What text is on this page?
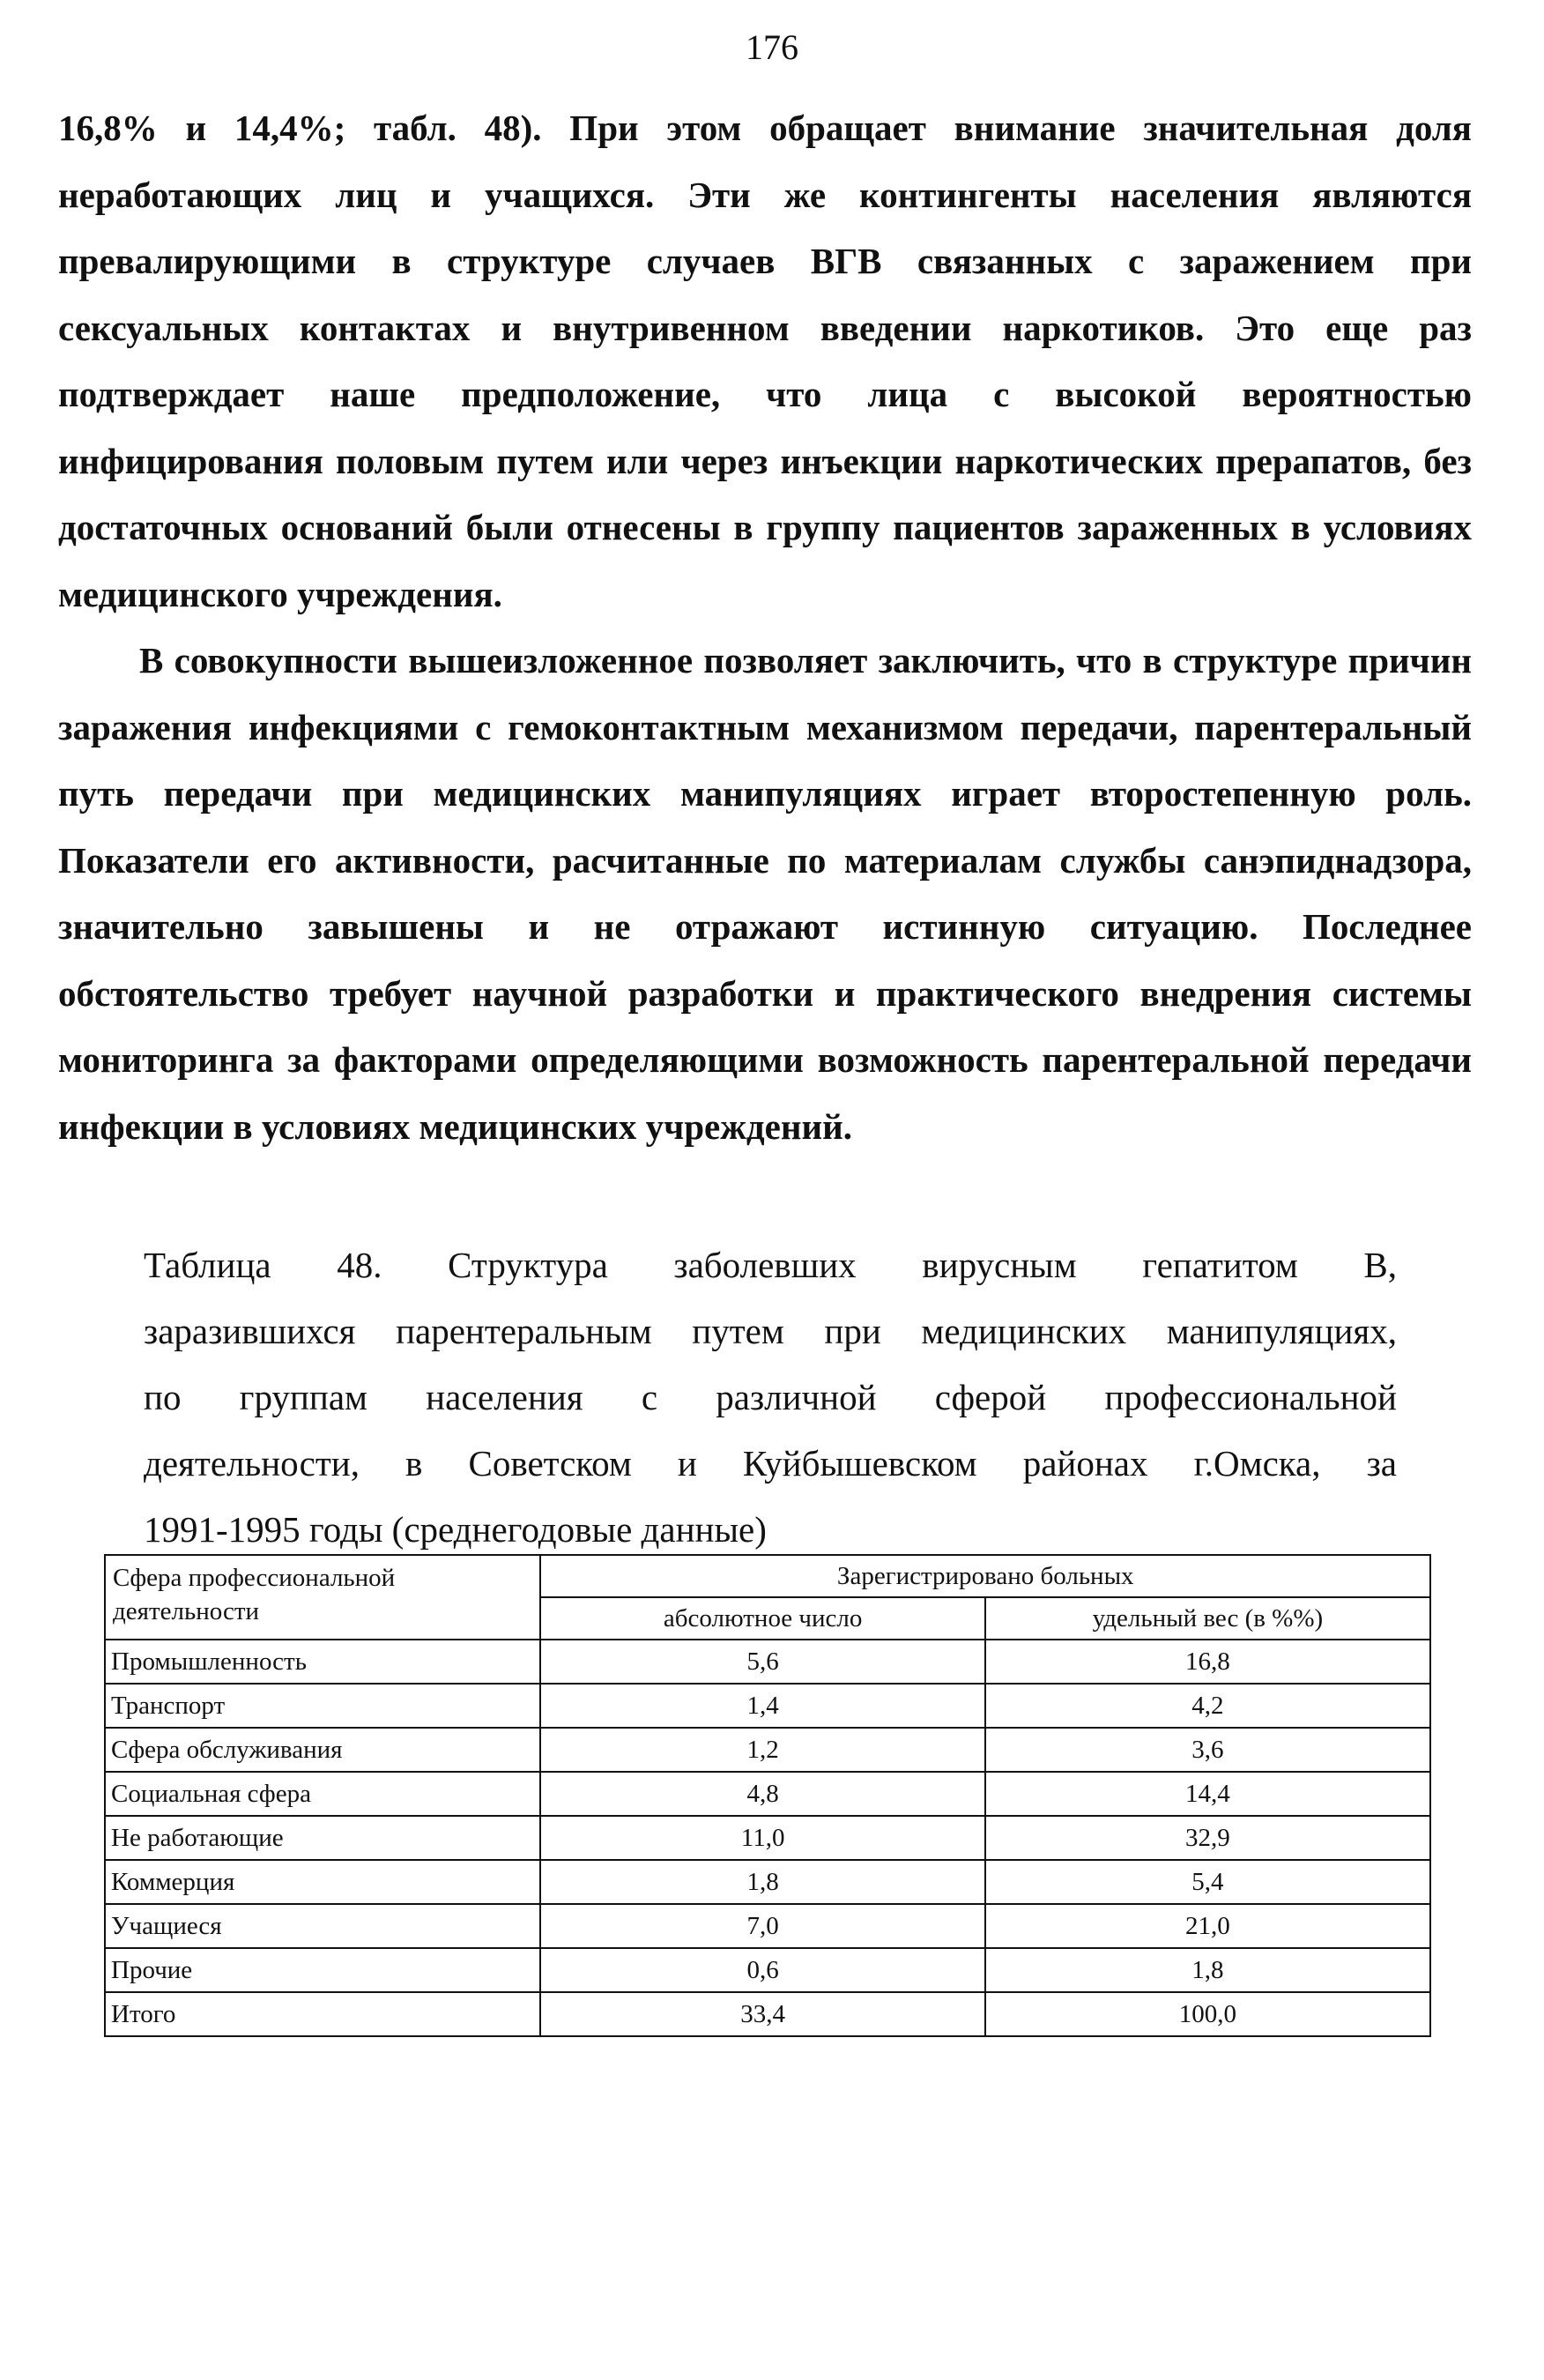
176

16,8% и 14,4%; табл. 48). При этом обращает внимание значительная доля неработающих лиц и учащихся. Эти же контингенты населения являются превалирующими в структуре случаев ВГВ связанных с заражением при сексуальных контактах и внутривенном введении наркотиков. Это еще раз подтверждает наше предположение, что лица с высокой вероятностью инфицирования половым путем или через инъекции наркотических прерапатов, без достаточных оснований были отнесены в группу пациентов зараженных в условиях медицинского учреждения.

В совокупности вышеизложенное позволяет заключить, что в структуре причин заражения инфекциями с гемоконтактным механизмом передачи, парентеральный путь передачи при медицинских манипуляциях играет второстепенную роль. Показатели его активности, расчитанные по материалам службы санэпиднадзора, значительно завышены и не отражают истинную ситуацию. Последнее обстоятельство требует научной разработки и практического внедрения системы мониторинга за факторами определяющими возможность парентеральной передачи инфекции в условиях медицинских учреждений.

Таблица 48. Структура заболевших вирусным гепатитом В,
заразившихся парентеральным путем при медицинских манипуляциях,
по группам населения с различной сферой профессиональной
деятельности, в Советском и Куйбышевском районах г.Омска, за
1991-1995 годы (среднегодовые данные)

Сфера профессиональной деятельности	Зарегистрировано больных	
	абсолютное число	удельный вес (в %%)
Промышленность	5,6	16,8
Транспорт	1,4	4,2
Сфера обслуживания	1,2	3,6
Социальная сфера	4,8	14,4
Не работающие	11,0	32,9
Коммерция	1,8	5,4
Учащиеся	7,0	21,0
Прочие	0,6	1,8
Итого	33,4	100,0
